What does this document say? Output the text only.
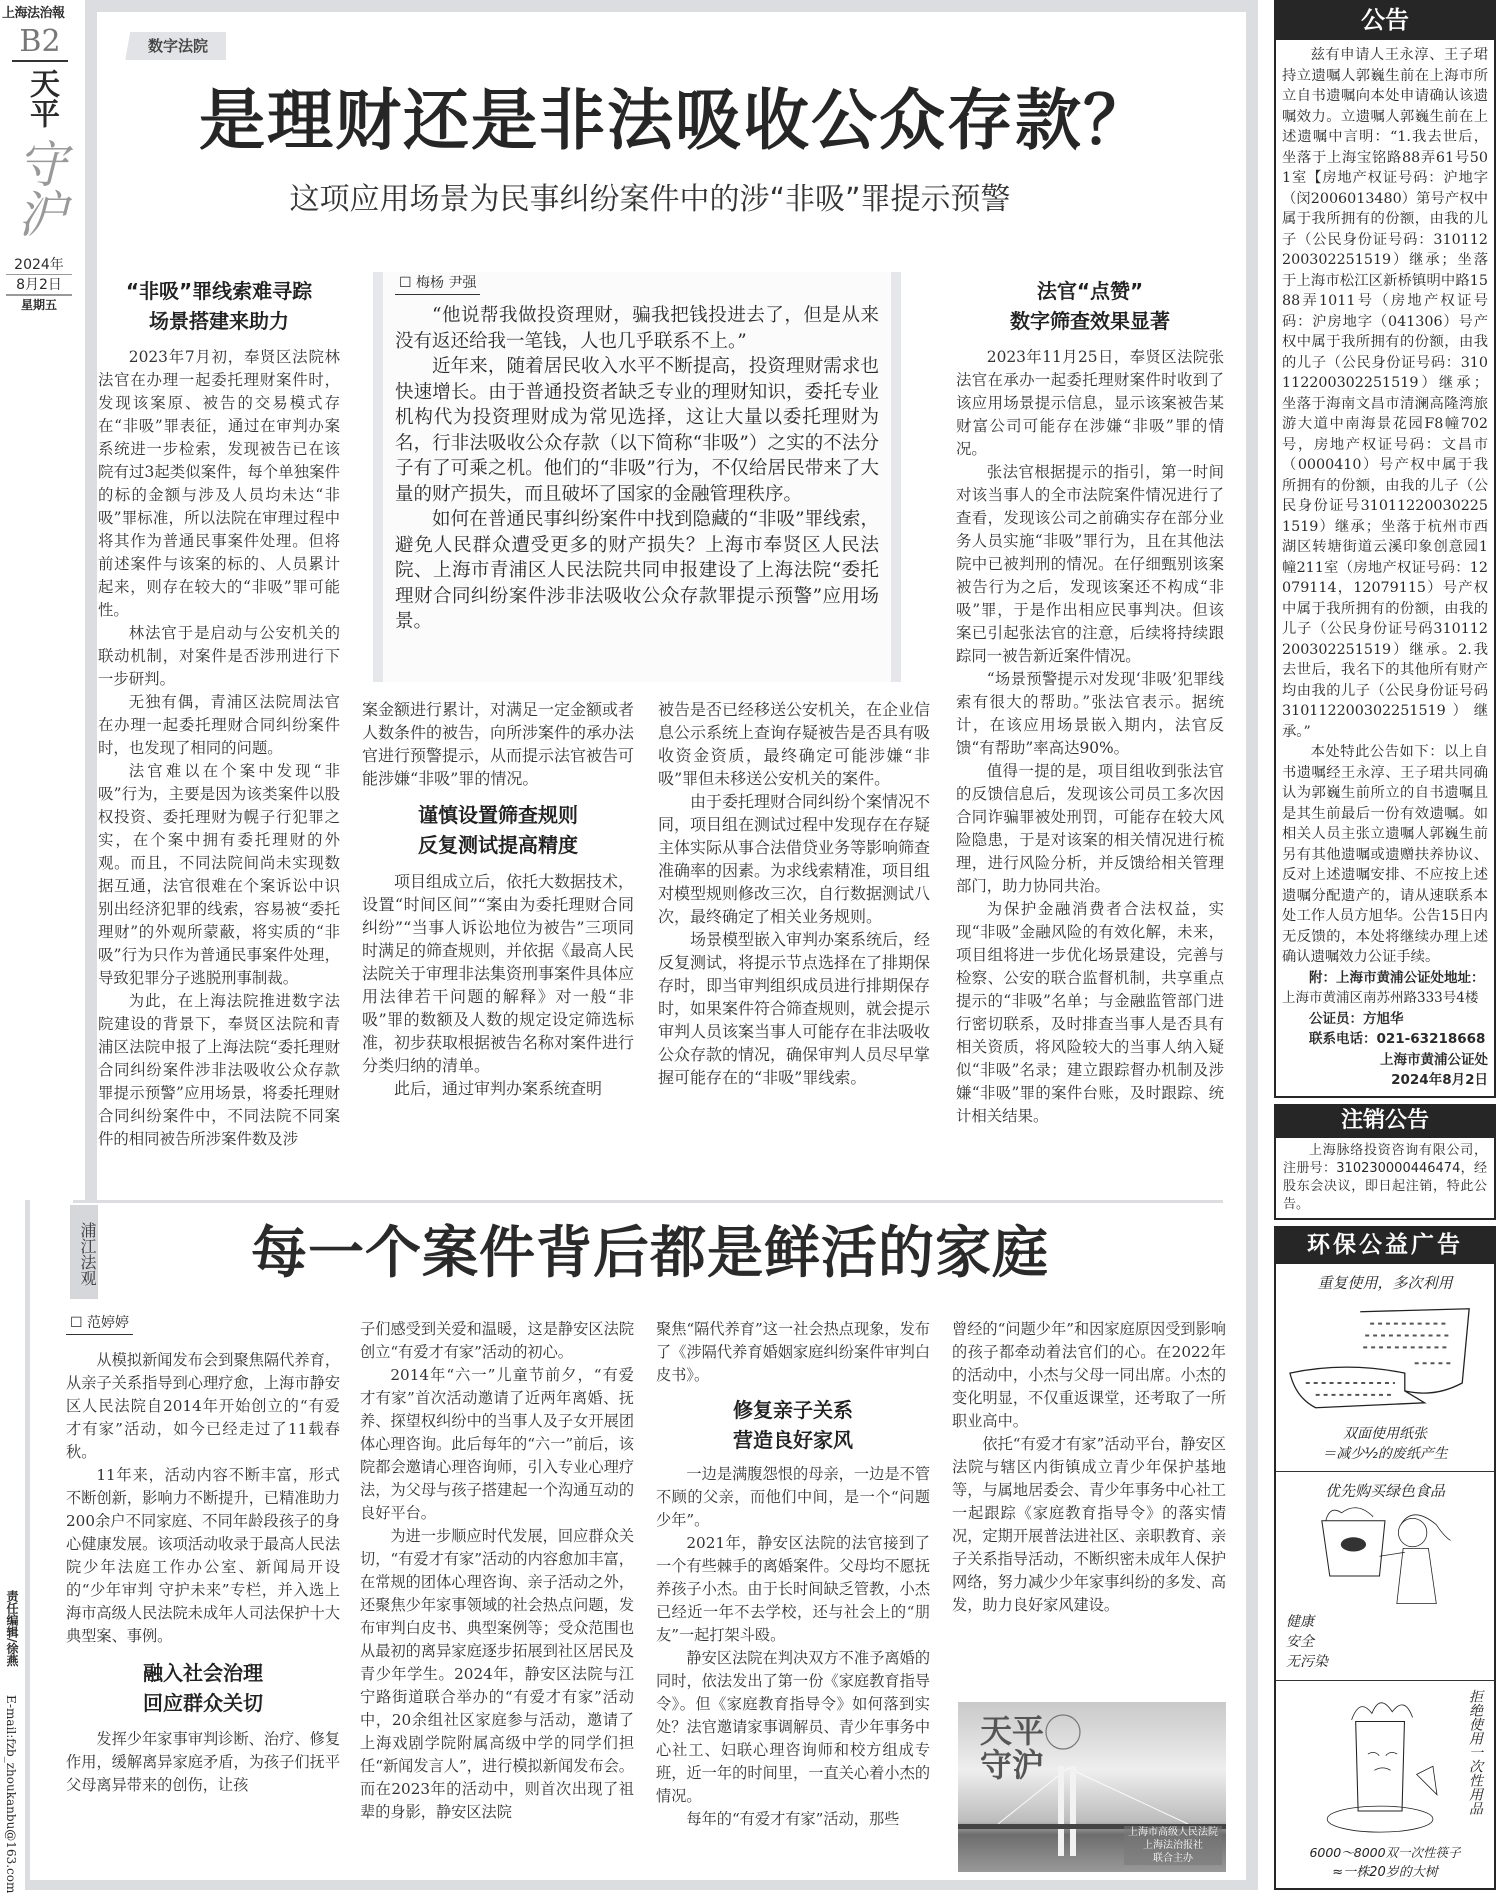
上海法治報
B2
天平
守沪
2024年
8月2日
星期五
责任编辑/徐燕
E-mail:fzb_zhoukanbu@163.com
数字法院
是理财还是非法吸收公众存款？
这项应用场景为民事纠纷案件中的涉“非吸”罪提示预警
“非吸”罪线索难寻踪
场景搭建来助力

2023年7月初，奉贤区法院林法官在办理一起委托理财案件时，发现该案原、被告的交易模式存在“非吸”罪表征，通过在审判办案系统进一步检索，发现被告已在该院有过3起类似案件，每个单独案件的标的金额与涉及人员均未达“非吸”罪标准，所以法院在审理过程中将其作为普通民事案件处理。但将前述案件与该案的标的、人员累计起来，则存在较大的“非吸”罪可能性。

林法官于是启动与公安机关的联动机制，对案件是否涉刑进行下一步研判。

无独有偶，青浦区法院周法官在办理一起委托理财合同纠纷案件时，也发现了相同的问题。

法官难以在个案中发现“非吸”行为，主要是因为该类案件以股权投资、委托理财为幌子行犯罪之实，在个案中拥有委托理财的外观。而且，不同法院间尚未实现数据互通，法官很难在个案诉讼中识别出经济犯罪的线索，容易被“委托理财”的外观所蒙蔽，将实质的“非吸”行为只作为普通民事案件处理，导致犯罪分子逃脱刑事制裁。

为此，在上海法院推进数字法院建设的背景下，奉贤区法院和青浦区法院申报了上海法院“委托理财合同纠纷案件涉非法吸收公众存款罪提示预警”应用场景，将委托理财合同纠纷案件中，不同法院不同案件的相同被告所涉案件数及涉

☐ 梅杨 尹强

“他说帮我做投资理财，骗我把钱投进去了，但是从来没有返还给我一笔钱，人也几乎联系不上。”

近年来，随着居民收入水平不断提高，投资理财需求也快速增长。由于普通投资者缺乏专业的理财知识，委托专业机构代为投资理财成为常见选择，这让大量以委托理财为名，行非法吸收公众存款（以下简称“非吸”）之实的不法分子有了可乘之机。他们的“非吸”行为，不仅给居民带来了大量的财产损失，而且破坏了国家的金融管理秩序。

如何在普通民事纠纷案件中找到隐藏的“非吸”罪线索，避免人民群众遭受更多的财产损失？上海市奉贤区人民法院、上海市青浦区人民法院共同申报建设了上海法院“委托理财合同纠纷案件涉非法吸收公众存款罪提示预警”应用场景。

案金额进行累计，对满足一定金额或者人数条件的被告，向所涉案件的承办法官进行预警提示，从而提示法官被告可能涉嫌“非吸”罪的情况。

谨慎设置筛查规则
反复测试提高精度

项目组成立后，依托大数据技术，设置“时间区间”“案由为委托理财合同纠纷”“当事人诉讼地位为被告”三项同时满足的筛查规则，并依据《最高人民法院关于审理非法集资刑事案件具体应用法律若干问题的解释》对一般“非吸”罪的数额及人数的规定设定筛选标准，初步获取根据被告名称对案件进行分类归纳的清单。

此后，通过审判办案系统查明

被告是否已经移送公安机关，在企业信息公示系统上查询存疑被告是否具有吸收资金资质，最终确定可能涉嫌“非吸”罪但未移送公安机关的案件。

由于委托理财合同纠纷个案情况不同，项目组在测试过程中发现存在存疑主体实际从事合法借贷业务等影响筛查准确率的因素。为求线索精准，项目组对模型规则修改三次，自行数据测试八次，最终确定了相关业务规则。

场景模型嵌入审判办案系统后，经反复测试，将提示节点选择在了排期保存时，即当审判组织成员进行排期保存时，如果案件符合筛查规则，就会提示审判人员该案当事人可能存在非法吸收公众存款的情况，确保审判人员尽早掌握可能存在的“非吸”罪线索。

法官“点赞”
数字筛查效果显著

2023年11月25日，奉贤区法院张法官在承办一起委托理财案件时收到了该应用场景提示信息，显示该案被告某财富公司可能存在涉嫌“非吸”罪的情况。

张法官根据提示的指引，第一时间对该当事人的全市法院案件情况进行了查看，发现该公司之前确实存在部分业务人员实施“非吸”罪行为，且在其他法院中已被判刑的情况。在仔细甄别该案被告行为之后，发现该案还不构成“非吸”罪，于是作出相应民事判决。但该案已引起张法官的注意，后续将持续跟踪同一被告新近案件情况。

“场景预警提示对发现‘非吸’犯罪线索有很大的帮助。”张法官表示。据统计，在该应用场景嵌入期内，法官反馈“有帮助”率高达90%。

值得一提的是，项目组收到张法官的反馈信息后，发现该公司员工多次因合同诈骗罪被处刑罚，可能存在较大风险隐患，于是对该案的相关情况进行梳理，进行风险分析，并反馈给相关管理部门，助力协同共治。

为保护金融消费者合法权益，实现“非吸”金融风险的有效化解，未来，项目组将进一步优化场景建设，完善与检察、公安的联合监督机制，共享重点提示的“非吸”名单；与金融监管部门进行密切联系，及时排查当事人是否具有相关资质，将风险较大的当事人纳入疑似“非吸”名录；建立跟踪督办机制及涉嫌“非吸”罪的案件台账，及时跟踪、统计相关结果。

浦江法观	每一个案件背后都是鲜活的家庭
☐ 范婷婷

从模拟新闻发布会到聚焦隔代养育，从亲子关系指导到心理疗愈，上海市静安区人民法院自2014年开始创立的“有爱才有家”活动，如今已经走过了11载春秋。

11年来，活动内容不断丰富，形式不断创新，影响力不断提升，已精准助力200余户不同家庭、不同年龄段孩子的身心健康发展。该项活动收录于最高人民法院少年法庭工作办公室、新闻局开设的“少年审判 守护未来”专栏，并入选上海市高级人民法院未成年人司法保护十大典型案、事例。

融入社会治理
回应群众关切

发挥少年家事审判诊断、治疗、修复作用，缓解离异家庭矛盾，为孩子们抚平父母离异带来的创伤，让孩

子们感受到关爱和温暖，这是静安区法院创立“有爱才有家”活动的初心。

2014年“六一”儿童节前夕，“有爱才有家”首次活动邀请了近两年离婚、抚养、探望权纠纷中的当事人及子女开展团体心理咨询。此后每年的“六一”前后，该院都会邀请心理咨询师，引入专业心理疗法，为父母与孩子搭建起一个沟通互动的良好平台。

为进一步顺应时代发展，回应群众关切，“有爱才有家”活动的内容愈加丰富，在常规的团体心理咨询、亲子活动之外，还聚焦少年家事领域的社会热点问题，发布审判白皮书、典型案例等；受众范围也从最初的离异家庭逐步拓展到社区居民及青少年学生。2024年，静安区法院与江宁路街道联合举办的“有爱才有家”活动中，20余组社区家庭参与活动，邀请了上海戏剧学院附属高级中学的同学们担任“新闻发言人”，进行模拟新闻发布会。而在2023年的活动中，则首次出现了祖辈的身影，静安区法院

聚焦“隔代养育”这一社会热点现象，发布了《涉隔代养育婚姻家庭纠纷案件审判白皮书》。

修复亲子关系
营造良好家风

一边是满腹怨恨的母亲，一边是不管不顾的父亲，而他们中间，是一个“问题少年”。

2021年，静安区法院的法官接到了一个有些棘手的离婚案件。父母均不愿抚养孩子小杰。由于长时间缺乏管教，小杰已经近一年不去学校，还与社会上的“朋友”一起打架斗殴。

静安区法院在判决双方不准予离婚的同时，依法发出了第一份《家庭教育指导令》。但《家庭教育指导令》如何落到实处？法官邀请家事调解员、青少年事务中心社工、妇联心理咨询师和校方组成专班，近一年的时间里，一直关心着小杰的情况。

每年的“有爱才有家”活动，那些

曾经的“问题少年”和因家庭原因受到影响的孩子都牵动着法官们的心。在2022年的活动中，小杰与父母一同出席。小杰的变化明显，不仅重返课堂，还考取了一所职业高中。

依托“有爱才有家”活动平台，静安区法院与辖区内街镇成立青少年保护基地等，与属地居委会、青少年事务中心社工一起跟踪《家庭教育指导令》的落实情况，定期开展普法进社区、亲职教育、亲子关系指导活动，不断织密未成年人保护网络，努力减少少年家事纠纷的多发、高发，助力良好家风建设。

天平守沪
上海市高级人民法院
上海法治报社
联合主办
公告

兹有申请人王永淳、王子珺持立遗嘱人郭巍生前在上海市所立自书遗嘱向本处申请确认该遗嘱效力。立遗嘱人郭巍生前在上述遗嘱中言明：“1.我去世后，坐落于上海宝铭路88弄61号501室【房地产权证号码：沪地字（闵2006013480）第号产权中属于我所拥有的份额，由我的儿子（公民身份证号码：310112200302251519）继承；坐落于上海市松江区新桥镇明中路1588弄1011号（房地产权证号码：沪房地字（041306）号产权中属于我所拥有的份额，由我的儿子（公民身份证号码：310112200302251519）继承；坐落于海南文昌市清澜高隆湾旅游大道中南海景花园F8幢702号，房地产权证号码：文昌市（0000410）号产权中属于我所拥有的份额，由我的儿子（公民身份证号310112200302251519）继承；坐落于杭州市西湖区转塘街道云溪印象创意园1幢211室（房地产权证号码：12079114，12079115）号产权中属于我所拥有的份额，由我的儿子（公民身份证号码310112200302251519）继承。2.我去世后，我名下的其他所有财产均由我的儿子（公民身份证号码310112200302251519）继承。”

本处特此公告如下：以上自书遗嘱经王永淳、王子珺共同确认为郭巍生前所立的自书遗嘱且是其生前最后一份有效遗嘱。如相关人员主张立遗嘱人郭巍生前另有其他遗嘱或遗赠扶养协议、反对上述遗嘱安排、不应按上述遗嘱分配遗产的，请从速联系本处工作人员方旭华。公告15日内无反馈的，本处将继续办理上述确认遗嘱效力公证手续。

附：上海市黄浦公证处地址：
上海市黄浦区南苏州路333号4楼
公证员：方旭华
联系电话：021-63218668
上海市黄浦公证处
2024年8月2日
注销公告
上海脉络投资咨询有限公司，注册号：310230000446474，经股东会决议，即日起注销，特此公告。
环保公益广告
重复使用，多次利用
双面使用纸张
＝减少½的废纸产生
优先购买绿色食品
健康
安全
无污染
拒绝使用一次性用品
6000～8000双一次性筷子
≈一株20岁的大树
